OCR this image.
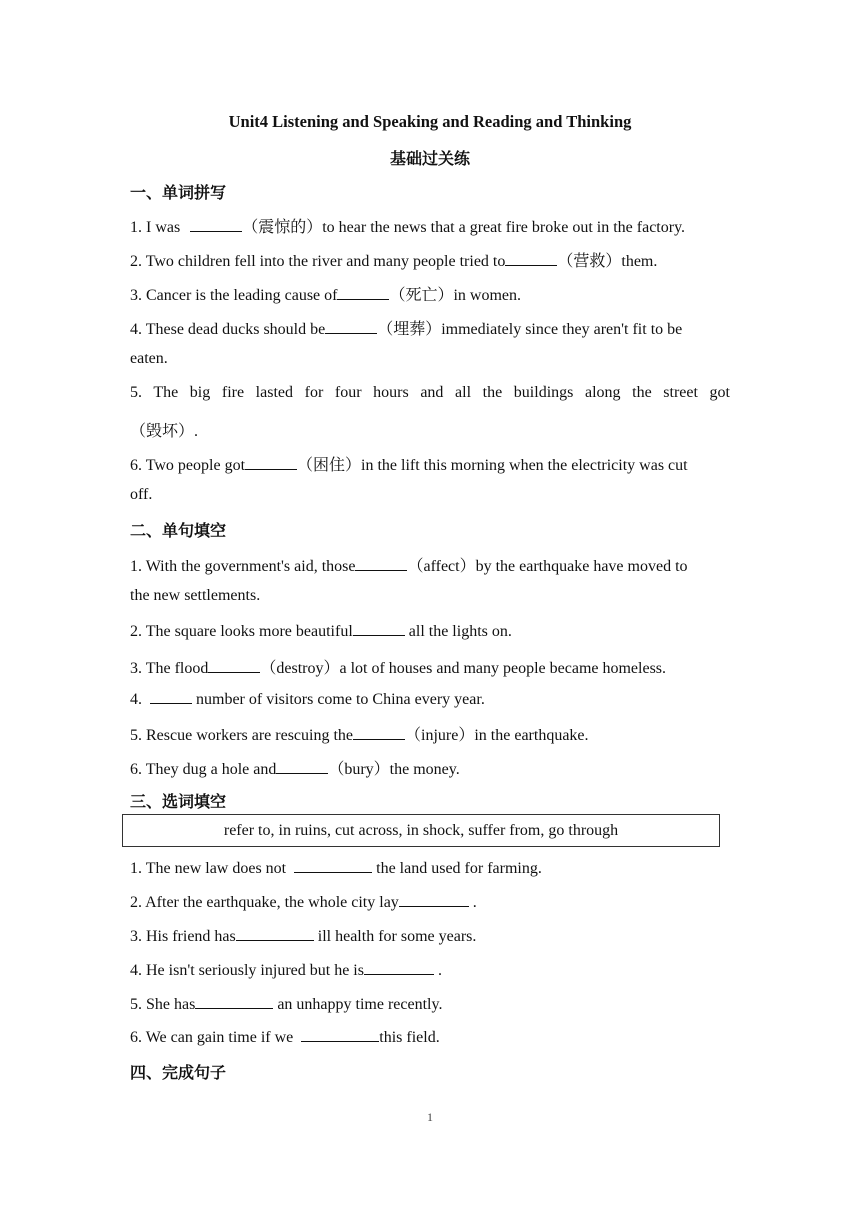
Unit4 Listening and Speaking and Reading and Thinking
基础过关练
一、单词拼写
1. I was	（震惊的）to hear the news that a great fire broke out in the factory.
2. Two children fell into the river and many people tried to	（营救）them.
3. Cancer is the leading cause of	（死亡）in women.
4. These dead ducks should be	（埋葬）immediately since they aren't fit to be
eaten.
5. The big fire lasted for four hours and all the buildings along the street got
（毁坏）.
6. Two people got	（困住）in the lift this morning when the electricity was cut
off.
二、单句填空
1. With the government's aid, those	（affect）by the earthquake have moved to
the new settlements.
2. The square looks more beautiful	all the lights on.
3. The flood	（destroy）a lot of houses and many people became homeless.
4.	number of visitors come to China every year.
5. Rescue workers are rescuing the	（injure）in the earthquake.
6. They dug a hole and	（bury）the money.
三、选词填空
refer to, in ruins, cut across, in shock, suffer from, go through
1. The new law does not	the land used for farming.
2. After the earthquake, the whole city lay	.
3. His friend has	ill health for some years.
4. He isn't seriously injured but he is	.
5. She has	an unhappy time recently.
6. We can gain time if we	this field.
四、完成句子
1
